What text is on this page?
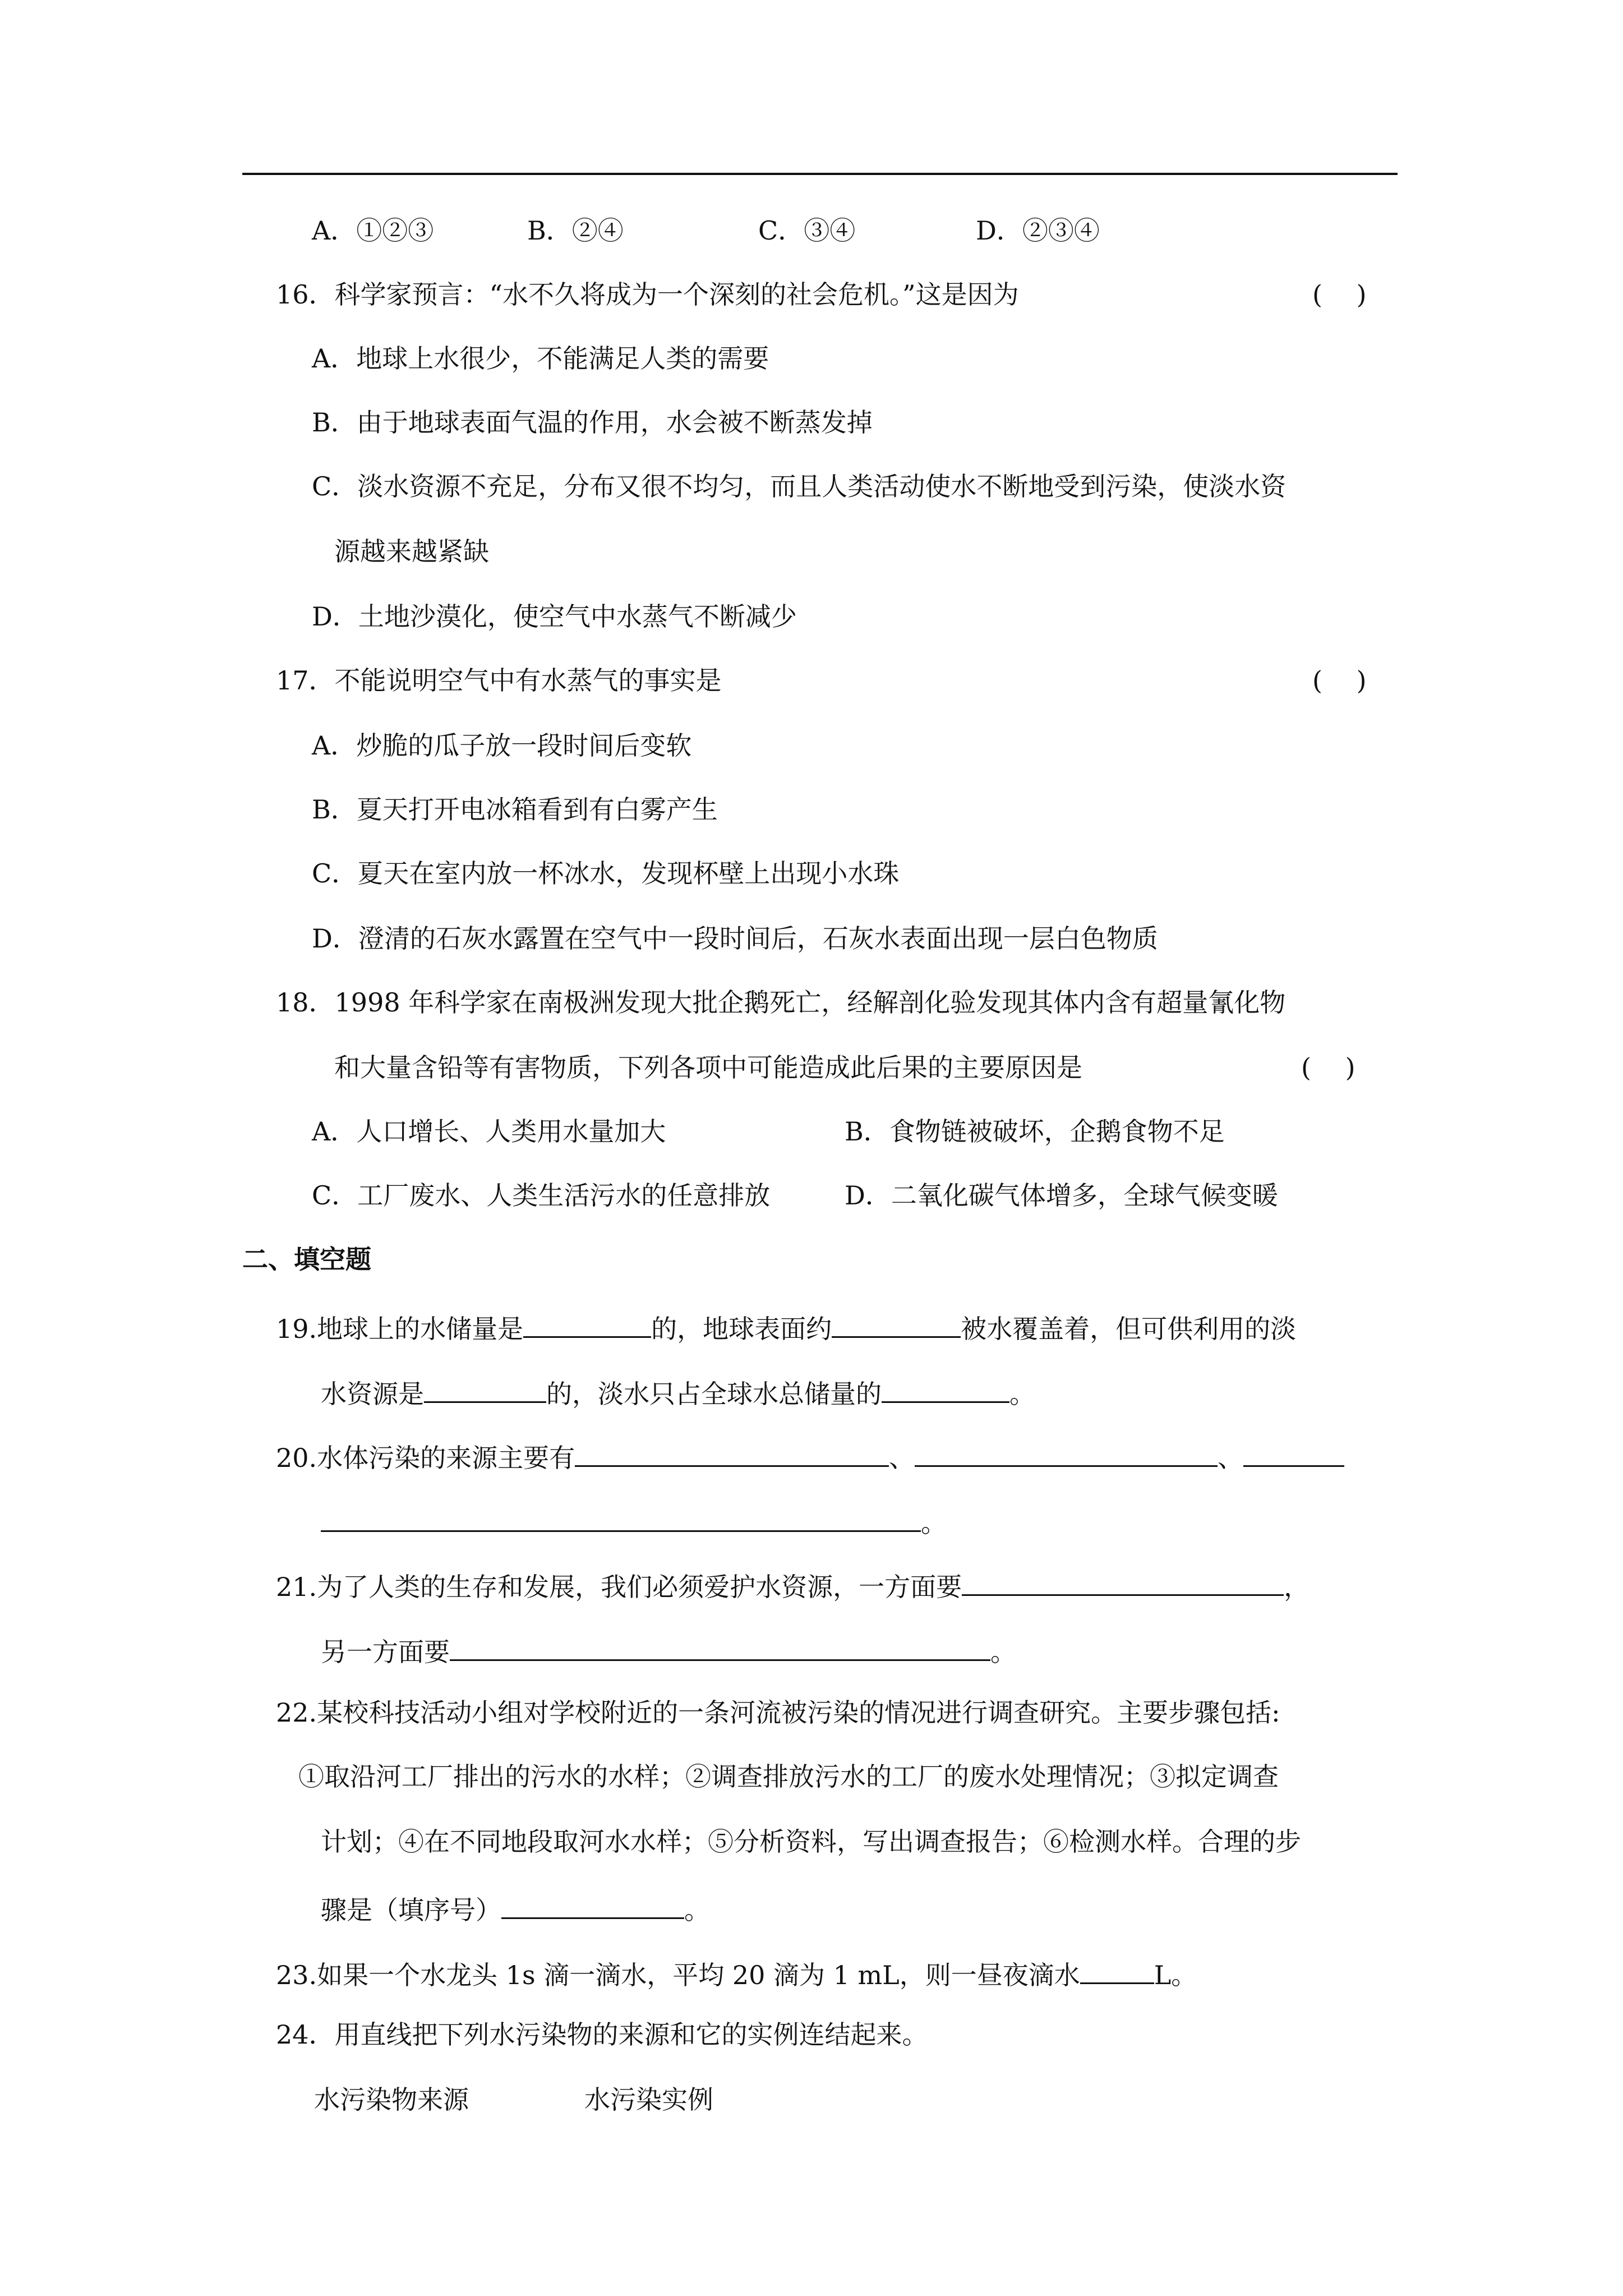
A．①②③	B．②④	C．③④	D．②③④
16．科学家预言：“水不久将成为一个深刻的社会危机。”这是因为	(　 )
A．地球上水很少，不能满足人类的需要
B．由于地球表面气温的作用，水会被不断蒸发掉
C．淡水资源不充足，分布又很不均匀，而且人类活动使水不断地受到污染，使淡水资
源越来越紧缺
D．土地沙漠化，使空气中水蒸气不断减少
17．不能说明空气中有水蒸气的事实是	(　 )
A．炒脆的瓜子放一段时间后变软
B．夏天打开电冰箱看到有白雾产生
C．夏天在室内放一杯冰水，发现杯壁上出现小水珠
D．澄清的石灰水露置在空气中一段时间后，石灰水表面出现一层白色物质
18．1998 年科学家在南极洲发现大批企鹅死亡，经解剖化验发现其体内含有超量氰化物
和大量含铅等有害物质，下列各项中可能造成此后果的主要原因是	(　 )
A．人口增长、人类用水量加大	B．食物链被破坏，企鹅食物不足
C．工厂废水、人类生活污水的任意排放	D．二氧化碳气体增多，全球气候变暖
二、填空题
19.地球上的水储量是	的，地球表面约	被水覆盖着，但可供利用的淡
水资源是	的，淡水只占全球水总储量的	。
20.水体污染的来源主要有	、	、
。
21.为了人类的生存和发展，我们必须爱护水资源，一方面要	，
另一方面要	。
22.某校科技活动小组对学校附近的一条河流被污染的情况进行调查研究。主要步骤包括:
①取沿河工厂排出的污水的水样；②调查排放污水的工厂的废水处理情况；③拟定调查
计划；④在不同地段取河水水样；⑤分析资料，写出调查报告；⑥检测水样。合理的步
骤是（填序号）	。
23.如果一个水龙头 1s 滴一滴水，平均 20 滴为 1 mL，则一昼夜滴水	L。
24．用直线把下列水污染物的来源和它的实例连结起来。
水污染物来源	水污染实例
